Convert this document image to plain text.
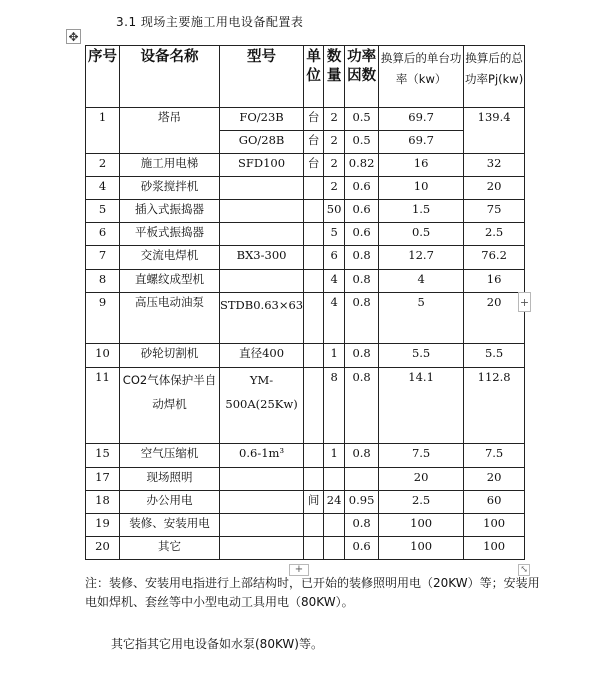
3.1 现场主要施工用电设备配置表
✥
序号	设备名称	型号	单位	数量	功率因数	换算后的单台功率（kw）	换算后的总功率Pj(kw)
1	塔吊	FO/23B	台	2	0.5	69.7	139.4
		GO/28B	台	2	0.5	69.7	
2	施工用电梯	SFD100	台	2	0.82	16	32
4	砂浆搅拌机			2	0.6	10	20
5	插入式振捣器			50	0.6	1.5	75
6	平板式振捣器			5	0.6	0.5	2.5
7	交流电焊机	BX3-300		6	0.8	12.7	76.2
8	直螺纹成型机			4	0.8	4	16
9	高压电动油泵	STDB0.63×63		4	0.8	5	20
10	砂轮切割机	直径400		1	0.8	5.5	5.5
11	CO2气体保护半自动焊机	YM-500A(25Kw)		8	0.8	14.1	112.8
15	空气压缩机	0.6-1m³		1	0.8	7.5	7.5
17	现场照明					20	20
18	办公用电		间	24	0.95	2.5	60
19	装修、安装用电				0.8	100	100
20	其它				0.6	100	100
+
+	⤡
注：装修、安装用电指进行上部结构时，已开始的装修照明用电（20KW）等；安装用电如焊机、套丝等中小型电动工具用电（80KW）。
其它指其它用电设备如水泵(80KW)等。
